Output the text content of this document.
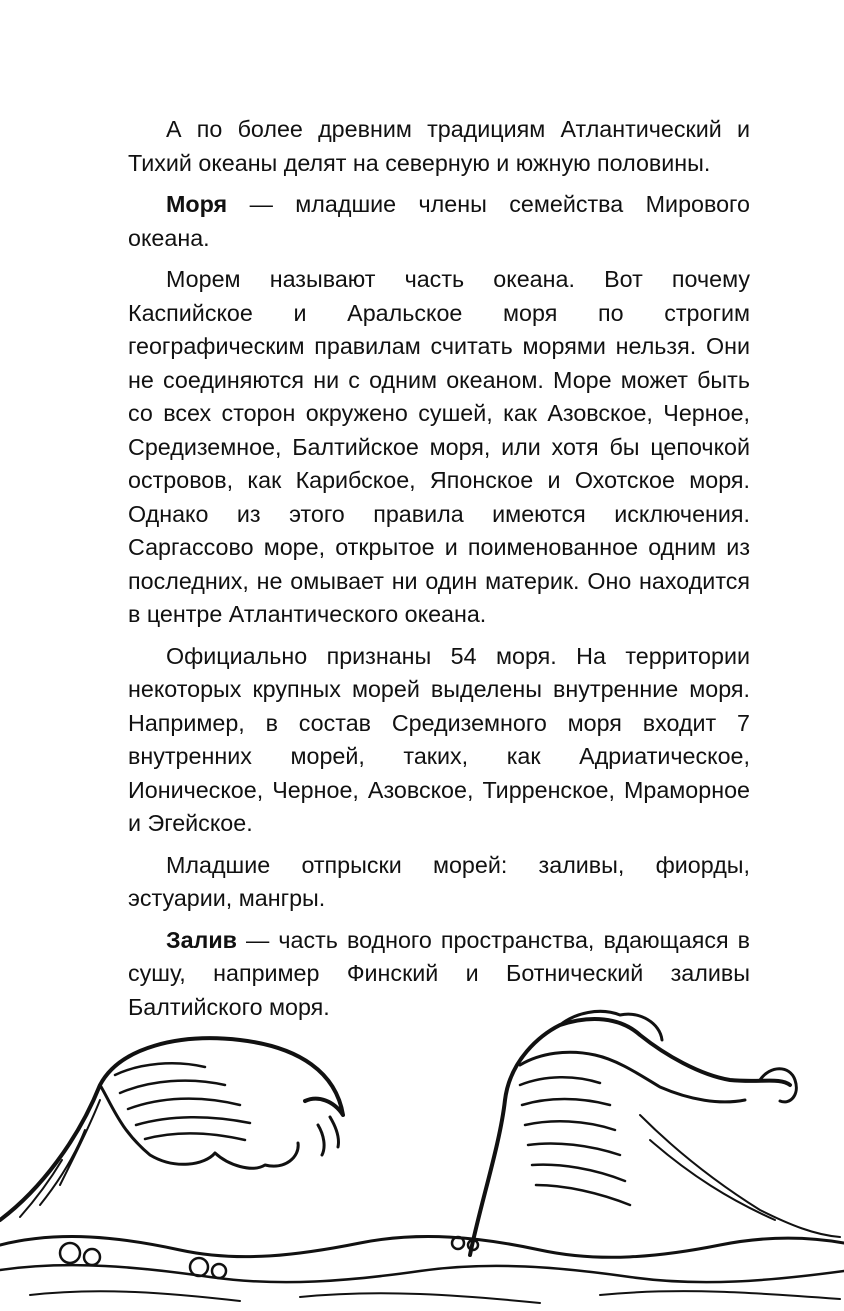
А по более древним традициям Атлантический и Тихий океаны делят на северную и южную половины.

Моря — младшие члены семейства Мирового океана.

Морем называют часть океана. Вот почему Каспийское и Аральское моря по строгим географическим правилам считать морями нельзя. Они не соединяются ни с одним океаном. Море может быть со всех сторон окружено сушей, как Азовское, Черное, Средиземное, Балтийское моря, или хотя бы цепочкой островов, как Карибское, Японское и Охотское моря. Однако из этого правила имеются исключения. Саргассово море, открытое и поименованное одним из последних, не омывает ни один материк. Оно находится в центре Атлантического океана.

Официально признаны 54 моря. На территории некоторых крупных морей выделены внутренние моря. Например, в состав Средиземного моря входит 7 внутренних морей, таких, как Адриатическое, Ионическое, Черное, Азовское, Тирренское, Мраморное и Эгейское.

Младшие отпрыски морей: заливы, фиорды, эстуарии, мангры.

Залив — часть водного пространства, вдающаяся в сушу, например Финский и Ботнический заливы Балтийского моря.
